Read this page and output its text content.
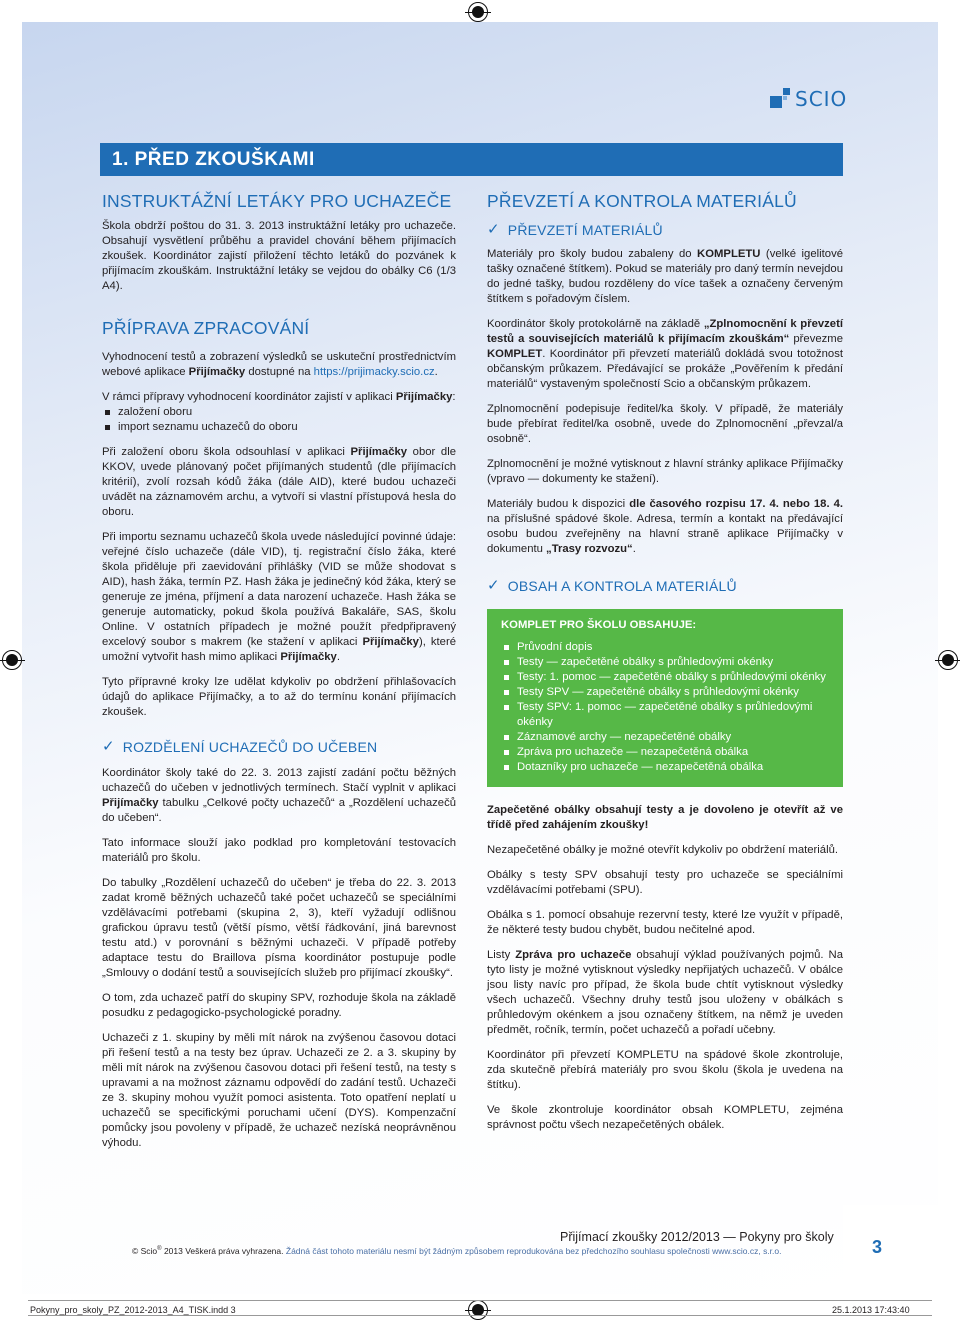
SCIO
1. PŘED ZKOUŠKAMI
INSTRUKTÁŽNÍ LETÁKY PRO UCHAZEČE

Škola obdrží poštou do 31. 3. 2013 instruktážní letáky pro uchazeče. Obsahují vysvětlení průběhu a pravidel chování během přijímacích zkoušek. Koordinátor zajistí přiložení těchto letáků do pozvánek k přijímacím zkouškám. Instruktážní letáky se vejdou do obálky C6 (1/3 A4).

PŘÍPRAVA ZPRACOVÁNÍ

Vyhodnocení testů a zobrazení výsledků se uskuteční prostřednictvím webové aplikace Přijímačky dostupné na https://prijimacky.scio.cz.

V rámci přípravy vyhodnocení koordinátor zajistí v aplikaci Přijímačky:

založení oboru
import seznamu uchazečů do oboru

Při založení oboru škola odsouhlasí v aplikaci Přijímačky obor dle KKOV, uvede plánovaný počet přijímaných studentů (dle přijímacích kritérií), zvolí rozsah kódů žáka (dále AID), které budou uchazeči uvádět na záznamovém archu, a vytvoří si vlastní přístupová hesla do oboru.

Při importu seznamu uchazečů škola uvede následující povinné údaje: veřejné číslo uchazeče (dále VID), tj. registrační číslo žáka, které škola přiděluje při zaevidování přihlášky (VID se může shodovat s AID), hash žáka, termín PZ. Hash žáka je jedinečný kód žáka, který se generuje ze jména, příjmení a data narození uchazeče. Hash žáka se generuje automaticky, pokud škola používá Bakaláře, SAS, školu Online. V ostatních případech je možné použít předpřipravený excelový soubor s makrem (ke stažení v aplikaci Přijímačky), které umožní vytvořit hash mimo aplikaci Přijímačky.

Tyto přípravné kroky lze udělat kdykoliv po obdržení přihlašovacích údajů do aplikace Přijímačky, a to až do termínu konání přijímacích zkoušek.

✓ ROZDĚLENÍ UCHAZEČŮ DO UČEBEN

Koordinátor školy také do 22. 3. 2013 zajistí zadání počtu běžných uchazečů do učeben v jednotlivých termínech. Stačí vyplnit v aplikaci Přijímačky tabulku „Celkové počty uchazečů“ a „Rozdělení uchazečů do učeben“.

Tato informace slouží jako podklad pro kompletování testovacích materiálů pro školu.

Do tabulky „Rozdělení uchazečů do učeben“ je třeba do 22. 3. 2013 zadat kromě běžných uchazečů také počet uchazečů se speciálními vzdělávacími potřebami (skupina 2, 3), kteří vyžadují odlišnou grafickou úpravu testů (větší písmo, větší řádkování, jiná barevnost testu atd.) v porovnání s běžnými uchazeči. V případě potřeby adaptace testu do Braillova písma koordinátor postupuje podle „Smlouvy o dodání testů a souvisejících služeb pro přijímací zkoušky“.

O tom, zda uchazeč patří do skupiny SPV, rozhoduje škola na základě posudku z pedagogicko-psychologické poradny.

Uchazeči z 1. skupiny by měli mít nárok na zvýšenou časovou dotaci při řešení testů a na testy bez úprav. Uchazeči ze 2. a 3. skupiny by měli mít nárok na zvýšenou časovou dotaci při řešení testů, na testy s upravami a na možnost záznamu odpovědí do zadání testů. Uchazeči ze 3. skupiny mohou využít pomoci asistenta. Toto opatření neplatí u uchazečů se specifickými poruchami učení (DYS). Kompenzační pomůcky jsou povoleny v případě, že uchazeč nezíská neoprávněnou výhodu.

PŘEVZETÍ A KONTROLA MATERIÁLŮ
✓ PŘEVZETÍ MATERIÁLŮ

Materiály pro školy budou zabaleny do KOMPLETU (velké igelitové tašky označené štítkem). Pokud se materiály pro daný termín nevejdou do jedné tašky, budou rozděleny do více tašek a označeny červeným štítkem s pořadovým číslem.

Koordinátor školy protokolárně na základě „Zplnomocnění k převzetí testů a souvisejících materiálů k přijímacím zkouškám“ převezme KOMPLET. Koordinátor při převzetí materiálů dokládá svou totožnost občanským průkazem. Předávající se prokáže „Pověřením k předání materiálů“ vystaveným společností Scio a občanským průkazem.

Zplnomocnění podepisuje ředitel/ka školy. V případě, že materiály bude přebírat ředitel/ka osobně, uvede do Zplnomocnění „převzal/a osobně“.

Zplnomocnění je možné vytisknout z hlavní stránky aplikace Přijímačky (vpravo — dokumenty ke stažení).

Materiály budou k dispozici dle časového rozpisu 17. 4. nebo 18. 4. na příslušné spádové škole. Adresa, termín a kontakt na předávající osobu budou zveřejněny na hlavní straně aplikace Přijímačky v dokumentu „Trasy rozvozu“.

✓ OBSAH A KONTROLA MATERIÁLŮ
KOMPLET PRO ŠKOLU OBSAHUJE:
Průvodní dopis
Testy — zapečetěné obálky s průhledovými okénky
Testy: 1. pomoc — zapečetěné obálky s průhledovými okénky
Testy SPV — zapečetěné obálky s průhledovými okénky
Testy SPV: 1. pomoc — zapečetěné obálky s průhledovými okénky
Záznamové archy — nezapečetěné obálky
Zpráva pro uchazeče — nezapečetěná obálka
Dotazníky pro uchazeče — nezapečetěná obálka

Zapečetěné obálky obsahují testy a je dovoleno je otevřít až ve třídě před zahájením zkoušky!

Nezapečetěné obálky je možné otevřít kdykoliv po obdržení materiálů.

Obálky s testy SPV obsahují testy pro uchazeče se speciálními vzdělávacími potřebami (SPU).

Obálka s 1. pomocí obsahuje rezervní testy, které lze využít v případě, že některé testy budou chybět, budou nečitelné apod.

Listy Zpráva pro uchazeče obsahují výklad používaných pojmů. Na tyto listy je možné vytisknout výsledky nepřijatých uchazečů. V obálce jsou listy navíc pro případ, že škola bude chtít vytisknout výsledky všech uchazečů. Všechny druhy testů jsou uloženy v obálkách s průhledovým okénkem a jsou označeny štítkem, na němž je uveden předmět, ročník, termín, počet uchazečů a pořadí učebny.

Koordinátor při převzetí KOMPLETU na spádové škole zkontroluje, zda skutečně přebírá materiály pro svou školu (škola je uvedena na štítku).

Ve škole zkontroluje koordinátor obsah KOMPLETU, zejména správnost počtu všech nezapečetěných obálek.

Přijímací zkoušky 2012/2013 — Pokyny pro školy
© Scio® 2013 Veškerá práva vyhrazena. Žádná část tohoto materiálu nesmí být žádným způsobem reprodukována bez předchozího souhlasu společnosti www.scio.cz, s.r.o.	3
Pokyny_pro_skoly_PZ_2012-2013_A4_TISK.indd 3	25.1.2013 17:43:40
